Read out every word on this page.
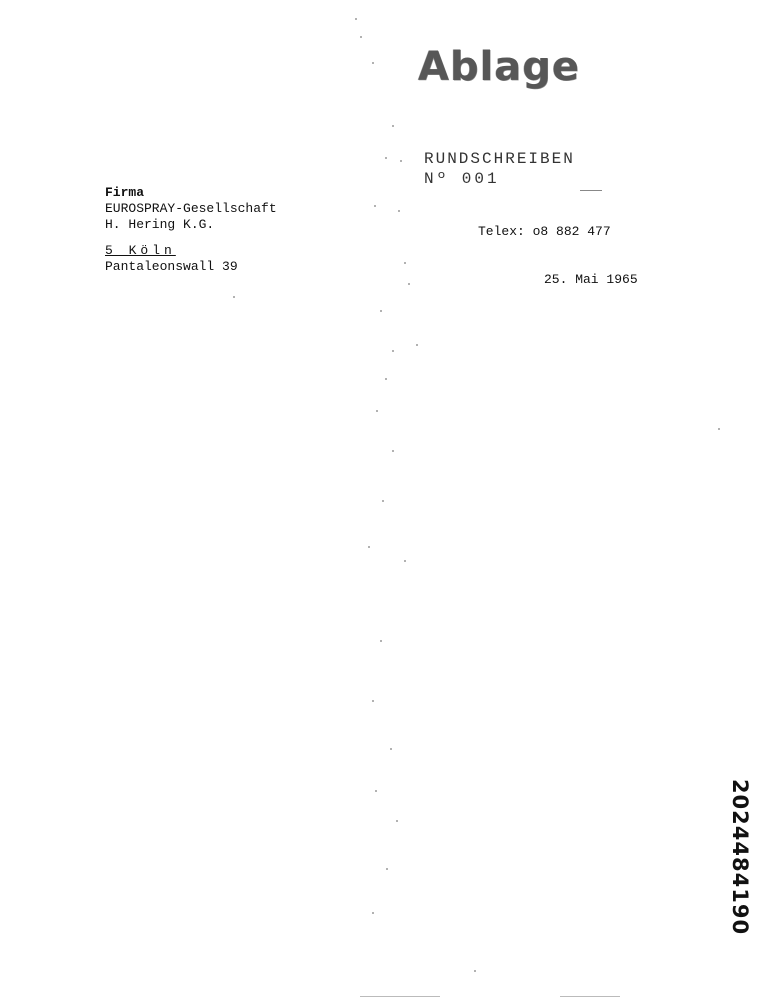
Ablage
RUNDSCHREIBEN
Nº 001
Firma
EUROSPRAY-Gesellschaft
H. Hering K.G.
5 Köln
Pantaleonswall 39
Telex: o8 882 477
25. Mai 1965
2024484190
